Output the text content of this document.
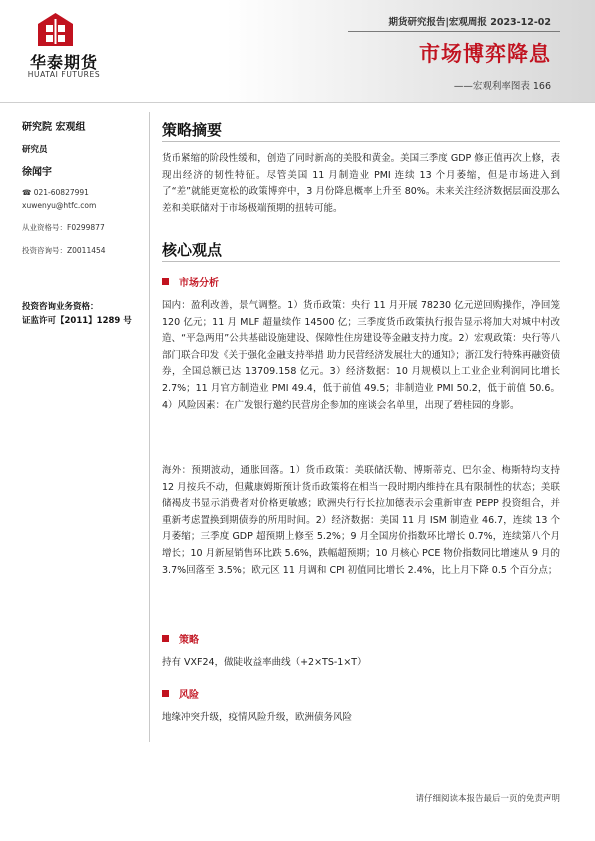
华泰期货
HUATAI FUTURES
期货研究报告|宏观周报 2023-12-02
市场博弈降息
——宏观利率图表 166
研究院 宏观组
研究员
徐闻宇
☎ 021-60827991
xuwenyu@htfc.com
从业资格号：F0299877
投资咨询号：Z0011454
投资咨询业务资格：
证监许可【2011】1289 号
策略摘要
货币紧缩的阶段性缓和，创造了同时新高的美股和黄金。美国三季度 GDP 修正值再次上修，表现出经济的韧性特征。尽管美国 11 月制造业 PMI 连续 13 个月萎缩，但是市场进入到了“差”就能更宽松的政策博弈中，3 月份降息概率上升至 80%。未来关注经济数据层面没那么差和美联储对于市场极端预期的扭转可能。
核心观点
市场分析
国内：盈利改善，景气调整。1）货币政策：央行 11 月开展 78230 亿元逆回购操作，净回笼 120 亿元；11 月 MLF 超量续作 14500 亿；三季度货币政策执行报告显示将加大对城中村改造、“平急两用”公共基础设施建设、保障性住房建设等金融支持力度。2）宏观政策：央行等八部门联合印发《关于强化金融支持举措 助力民营经济发展壮大的通知》；浙江发行特殊再融资债券，全国总额已达 13709.158 亿元。3）经济数据：10 月规模以上工业企业利润同比增长 2.7%；11 月官方制造业 PMI 49.4，低于前值 49.5；非制造业 PMI 50.2，低于前值 50.6。4）风险因素：在广发银行邀约民营房企参加的座谈会名单里，出现了碧桂园的身影。
海外：预期波动，通胀回落。1）货币政策：美联储沃勒、博斯蒂克、巴尔金、梅斯特均支持 12 月按兵不动，但戴康姆斯预计货币政策将在相当一段时期内维持在具有限制性的状态；美联储褐皮书显示消费者对价格更敏感；欧洲央行行长拉加德表示会重新审查 PEPP 投资组合，并重新考虑置换到期债券的所用时间。2）经济数据：美国 11 月 ISM 制造业 46.7，连续 13 个月萎缩；三季度 GDP 超预期上修至 5.2%；9 月全国房价指数环比增长 0.7%，连续第八个月增长；10 月新屋销售环比跌 5.6%，跌幅超预期；10 月核心 PCE 物价指数同比增速从 9 月的 3.7%回落至 3.5%；欧元区 11 月调和 CPI 初值同比增长 2.4%，比上月下降 0.5 个百分点；
策略
持有 VXF24，做陡收益率曲线（+2×TS-1×T）
风险
地缘冲突升级，疫情风险升级，欧洲债务风险
请仔细阅读本报告最后一页的免责声明
